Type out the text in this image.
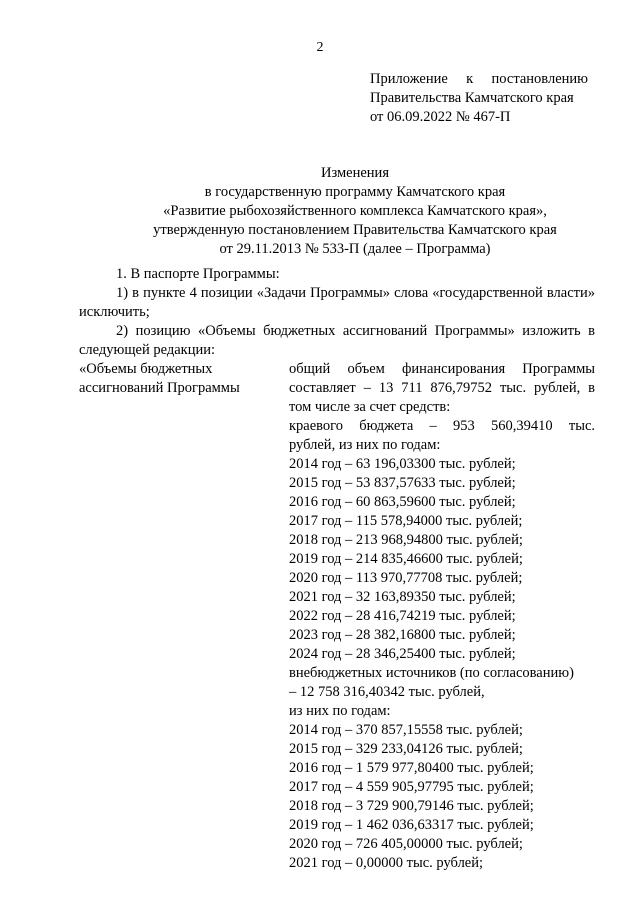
2
Приложение к постановлению
Правительства Камчатского края
от 06.09.2022 № 467-П
Изменения
в государственную программу Камчатского края
«Развитие рыбохозяйственного комплекса Камчатского края»,
утвержденную постановлением Правительства Камчатского края
от 29.11.2013 № 533-П (далее – Программа)

1. В паспорте Программы:

1) в пункте 4 позиции «Задачи Программы» слова «государственной власти» исключить;

2) позицию «Объемы бюджетных ассигнований Программы» изложить в следующей редакции:

«Объемы бюджетных
ассигнований Программы
общий объем финансирования Программы
составляет – 13 711 876,79752 тыс. рублей, в
том числе за счет средств:
краевого бюджета – 953 560,39410 тыс.
рублей, из них по годам:
2014 год – 63 196,03300 тыс. рублей;
2015 год – 53 837,57633 тыс. рублей;
2016 год – 60 863,59600 тыс. рублей;
2017 год – 115 578,94000 тыс. рублей;
2018 год – 213 968,94800 тыс. рублей;
2019 год – 214 835,46600 тыс. рублей;
2020 год – 113 970,77708 тыс. рублей;
2021 год – 32 163,89350 тыс. рублей;
2022 год – 28 416,74219 тыс. рублей;
2023 год – 28 382,16800 тыс. рублей;
2024 год – 28 346,25400 тыс. рублей;
внебюджетных источников (по согласованию)
– 12 758 316,40342 тыс. рублей,
из них по годам:
2014 год – 370 857,15558 тыс. рублей;
2015 год – 329 233,04126 тыс. рублей;
2016 год – 1 579 977,80400 тыс. рублей;
2017 год – 4 559 905,97795 тыс. рублей;
2018 год – 3 729 900,79146 тыс. рублей;
2019 год – 1 462 036,63317 тыс. рублей;
2020 год – 726 405,00000 тыс. рублей;
2021 год – 0,00000 тыс. рублей;
